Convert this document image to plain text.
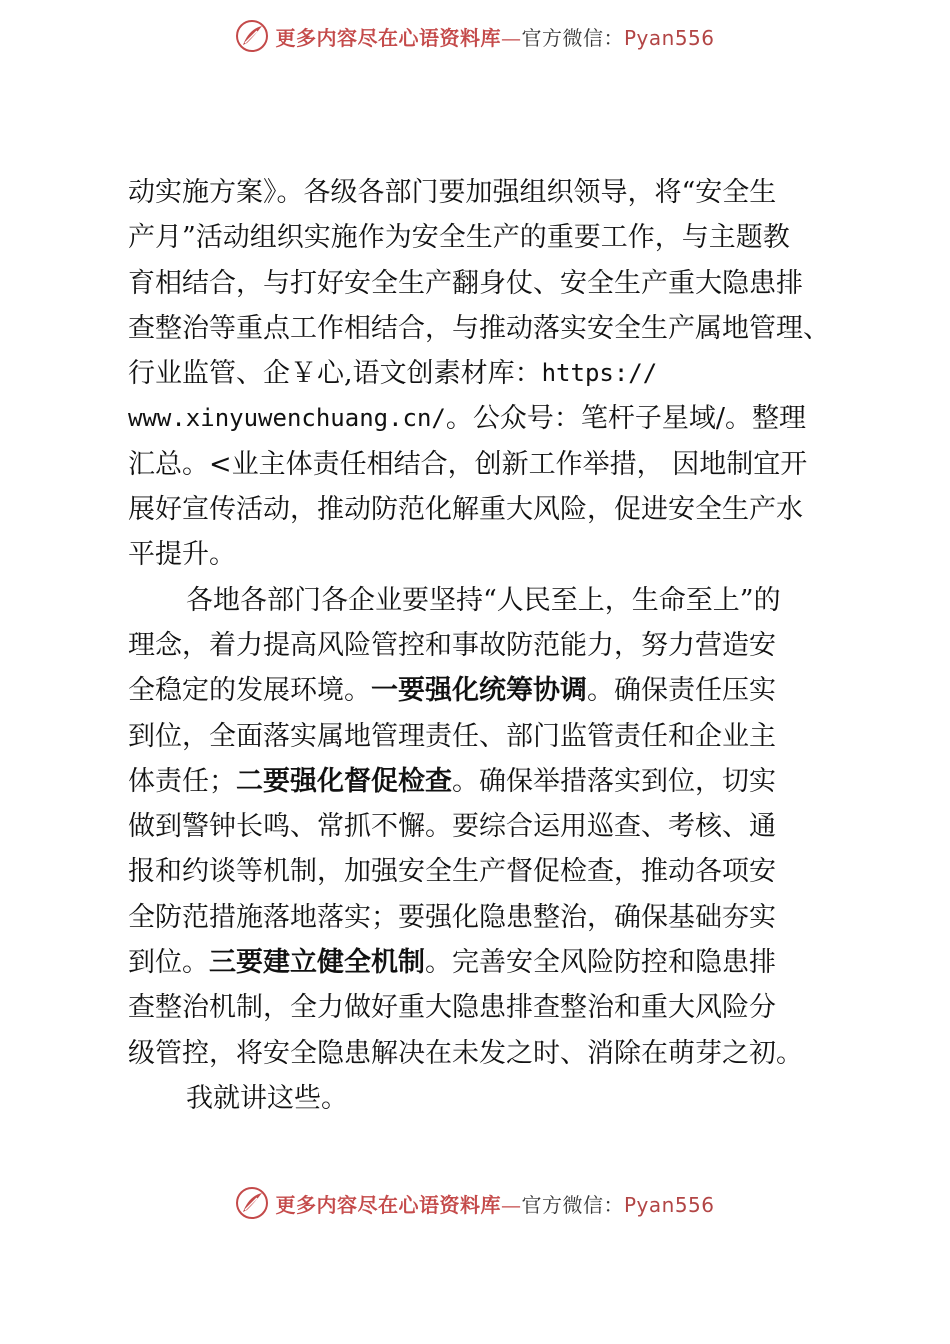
更多内容尽在心语资料库—官方微信：Pyan556
动实施方案》。各级各部门要加强组织领导，将“安全生
产月”活动组织实施作为安全生产的重要工作，与主题教
育相结合，与打好安全生产翻身仗、安全生产重大隐患排
查整治等重点工作相结合，与推动落实安全生产属地管理、
行业监管、企￥心,语文创素材库： https://
www.xinyuwenchuang.cn/ 。公众号：笔杆子星域/。整理
汇总。<业主体责任相结合，创新工作举措， 因地制宜开
展好宣传活动，推动防范化解重大风险，促进安全生产水
平提升。
各地各部门各企业要坚持“人民至上，生命至上”的
理念，着力提高风险管控和事故防范能力，努力营造安
全稳定的发展环境。 一要强化统筹协调 。确保责任压实
到位，全面落实属地管理责任、部门监管责任和企业主
体责任； 二要强化督促检查 。确保举措落实到位，切实
做到警钟长鸣、常抓不懈。要综合运用巡查、考核、通
报和约谈等机制，加强安全生产督促检查，推动各项安
全防范措施落地落实；要强化隐患整治，确保基础夯实
到位。 三要建立健全机制 。完善安全风险防控和隐患排
查整治机制，全力做好重大隐患排查整治和重大风险分
级管控，将安全隐患解决在未发之时、消除在萌芽之初。
我就讲这些。
更多内容尽在心语资料库—官方微信：Pyan556
